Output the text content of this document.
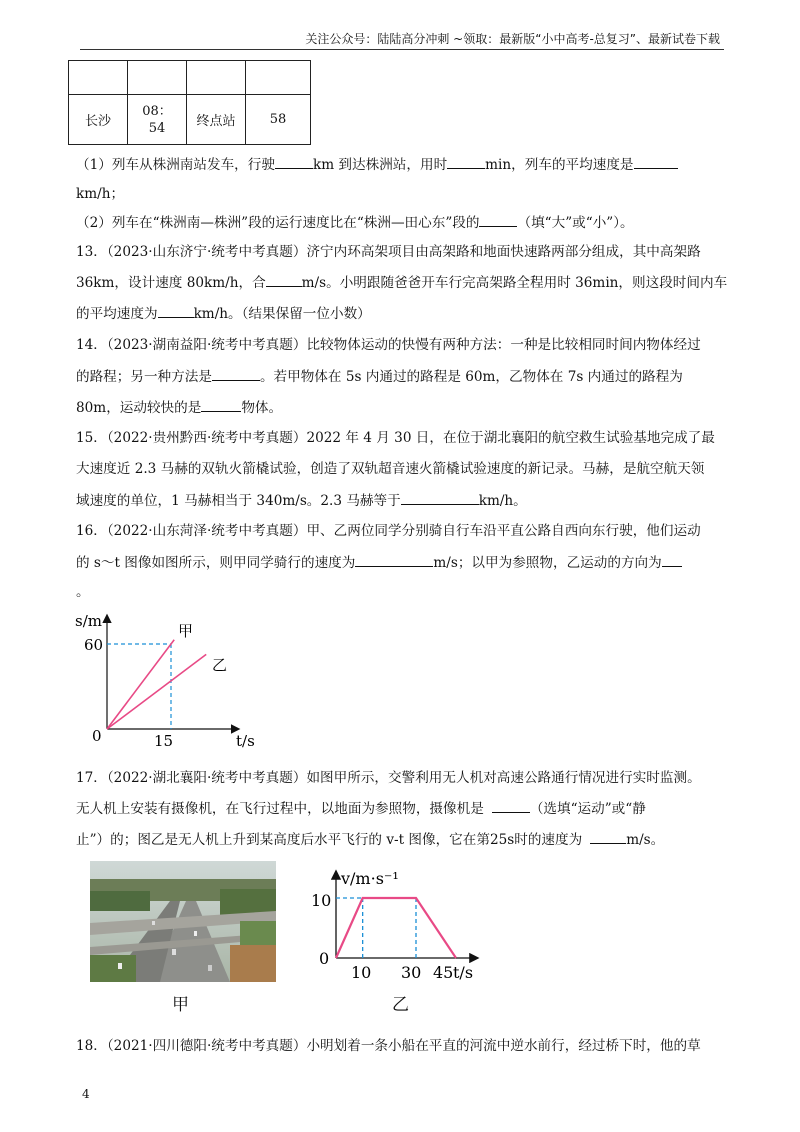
关注公众号：陆陆高分冲刺 ~领取：最新版“小中高考-总复习”、最新试卷下载

长沙	08：54	终点站	58
（1）列车从株洲南站发车，行驶	km 到达株洲站，用时	min，列车的平均速度是
km/h；
（2）列车在“株洲南—株洲”段的运行速度比在“株洲—田心东”段的	（填“大”或“小”）。
13．（2023·山东济宁·统考中考真题）济宁内环高架项目由高架路和地面快速路两部分组成，其中高架路
36km，设计速度 80km/h，合	m/s。小明跟随爸爸开车行完高架路全程用时 36min，则这段时间内车
的平均速度为	km/h。（结果保留一位小数）
14．（2023·湖南益阳·统考中考真题）比较物体运动的快慢有两种方法：一种是比较相同时间内物体经过
的路程；另一种方法是	。若甲物体在 5s 内通过的路程是 60m，乙物体在 7s 内通过的路程为
80m，运动较快的是	物体。
15．（2022·贵州黔西·统考中考真题）2022 年 4 月 30 日，在位于湖北襄阳的航空救生试验基地完成了最
大速度近 2.3 马赫的双轨火箭橇试验，创造了双轨超音速火箭橇试验速度的新记录。马赫，是航空航天领
域速度的单位，1 马赫相当于 340m/s。2.3 马赫等于	km/h。
16．（2022·山东菏泽·统考中考真题）甲、乙两位同学分别骑自行车沿平直公路自西向东行驶，他们运动
的 s～t 图像如图所示，则甲同学骑行的速度为	m/s；以甲为参照物，乙运动的方向为
。
s/m
t/s
0
60
15
甲
乙
17．（2022·湖北襄阳·统考中考真题）如图甲所示，交警利用无人机对高速公路通行情况进行实时监测。
无人机上安装有摄像机，在飞行过程中，以地面为参照物，摄像机是	（选填“运动”或“静
止”）的；图乙是无人机上升到某高度后水平飞行的 v-t 图像，它在第25s时的速度为	m/s。
甲
v/m·s⁻¹
t/s
0
10
10 30 45
乙
18．（2021·四川德阳·统考中考真题）小明划着一条小船在平直的河流中逆水前行，经过桥下时，他的草
4
